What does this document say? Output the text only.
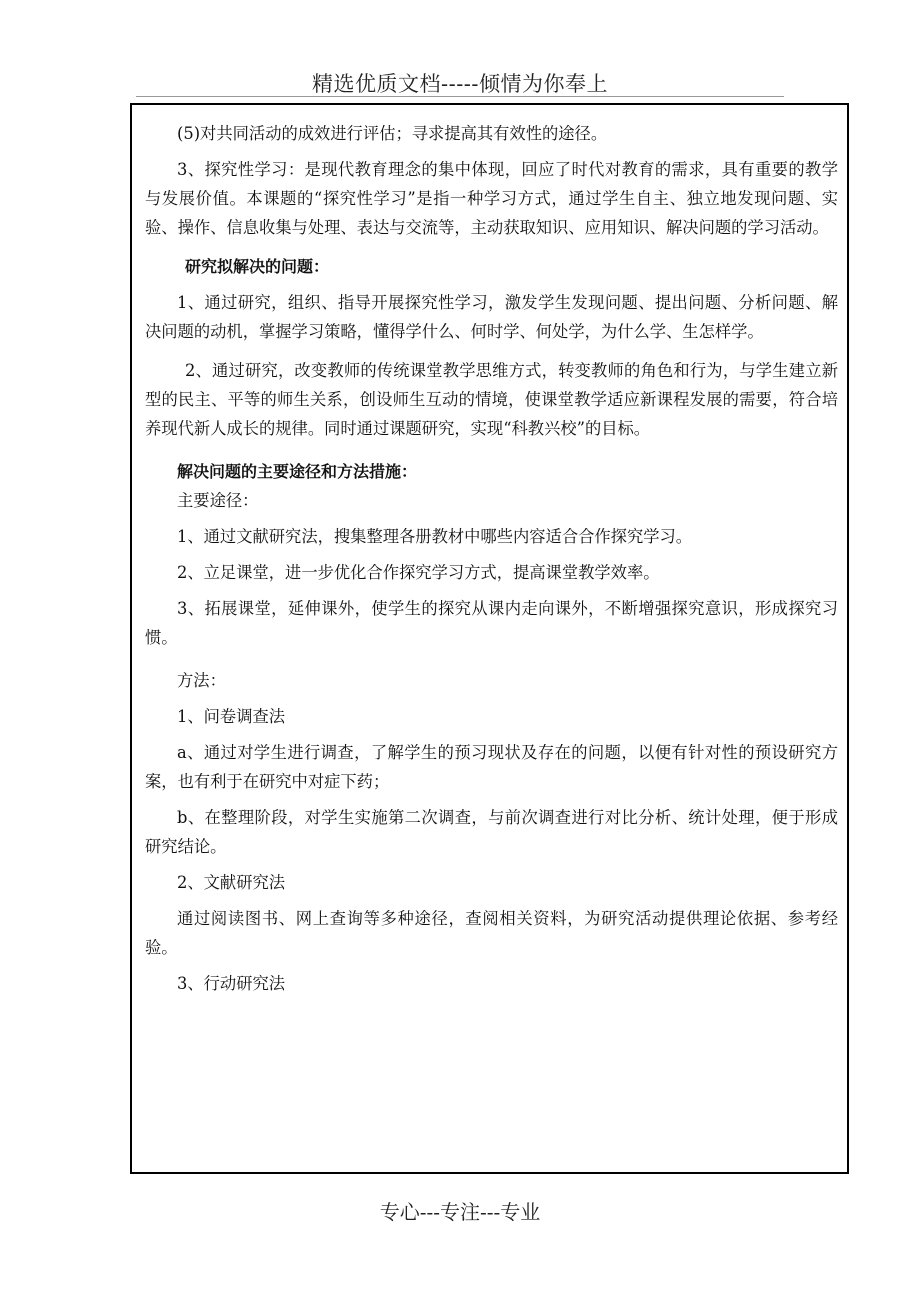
精选优质文档-----倾情为你奉上

(5)对共同活动的成效进行评估；寻求提高其有效性的途径。

3、探究性学习：是现代教育理念的集中体现，回应了时代对教育的需求，具有重要的教学与发展价值。本课题的“探究性学习”是指一种学习方式，通过学生自主、独立地发现问题、实验、操作、信息收集与处理、表达与交流等，主动获取知识、应用知识、解决问题的学习活动。

研究拟解决的问题：

1、通过研究，组织、指导开展探究性学习，激发学生发现问题、提出问题、分析问题、解决问题的动机，掌握学习策略，懂得学什么、何时学、何处学，为什么学、生怎样学。

2、通过研究，改变教师的传统课堂教学思维方式，转变教师的角色和行为，与学生建立新型的民主、平等的师生关系，创设师生互动的情境，使课堂教学适应新课程发展的需要，符合培养现代新人成长的规律。同时通过课题研究，实现“科教兴校”的目标。

解决问题的主要途径和方法措施：

主要途径：

1、通过文献研究法，搜集整理各册教材中哪些内容适合合作探究学习。

2、立足课堂，进一步优化合作探究学习方式，提高课堂教学效率。

3、拓展课堂，延伸课外，使学生的探究从课内走向课外，不断增强探究意识，形成探究习惯。

方法：

1、问卷调查法

a、通过对学生进行调查，了解学生的预习现状及存在的问题，以便有针对性的预设研究方案，也有利于在研究中对症下药；

b、在整理阶段，对学生实施第二次调查，与前次调查进行对比分析、统计处理，便于形成研究结论。

2、文献研究法

通过阅读图书、网上查询等多种途径，查阅相关资料，为研究活动提供理论依据、参考经验。

3、行动研究法

专心---专注---专业
